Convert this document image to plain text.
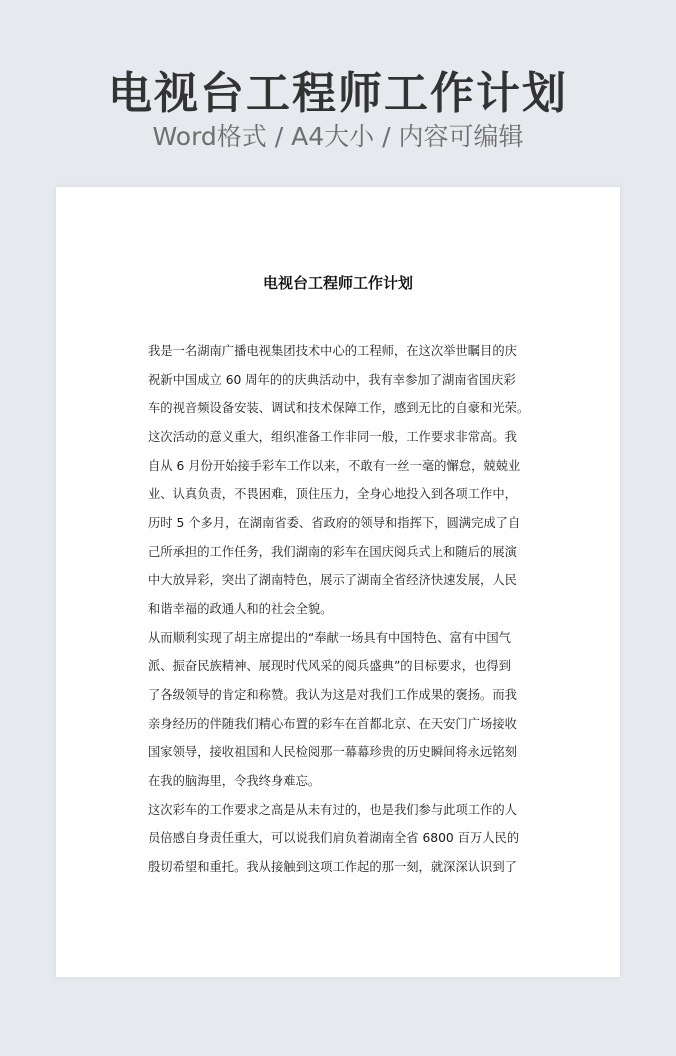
电视台工程师工作计划
Word格式 / A4大小 / 内容可编辑
电视台工程师工作计划
我是一名湖南广播电视集团技术中心的工程师，在这次举世瞩目的庆
祝新中国成立 60 周年的的庆典活动中，我有幸参加了湖南省国庆彩
车的视音频设备安装、调试和技术保障工作，感到无比的自豪和光荣。
这次活动的意义重大，组织准备工作非同一般，工作要求非常高。我
自从 6 月份开始接手彩车工作以来，不敢有一丝一毫的懈怠，兢兢业
业、认真负责，不畏困难，顶住压力，全身心地投入到各项工作中，
历时 5 个多月，在湖南省委、省政府的领导和指挥下，圆满完成了自
己所承担的工作任务，我们湖南的彩车在国庆阅兵式上和随后的展演
中大放异彩，突出了湖南特色，展示了湖南全省经济快速发展，人民
和谐幸福的政通人和的社会全貌。
从而顺利实现了胡主席提出的“奉献一场具有中国特色、富有中国气
派、振奋民族精神、展现时代风采的阅兵盛典”的目标要求，也得到
了各级领导的肯定和称赞。我认为这是对我们工作成果的褒扬。而我
亲身经历的伴随我们精心布置的彩车在首都北京、在天安门广场接收
国家领导，接收祖国和人民检阅那一幕幕珍贵的历史瞬间将永远铭刻
在我的脑海里，令我终身难忘。
这次彩车的工作要求之高是从未有过的，也是我们参与此项工作的人
员倍感自身责任重大，可以说我们肩负着湖南全省 6800 百万人民的
殷切希望和重托。我从接触到这项工作起的那一刻，就深深认识到了
